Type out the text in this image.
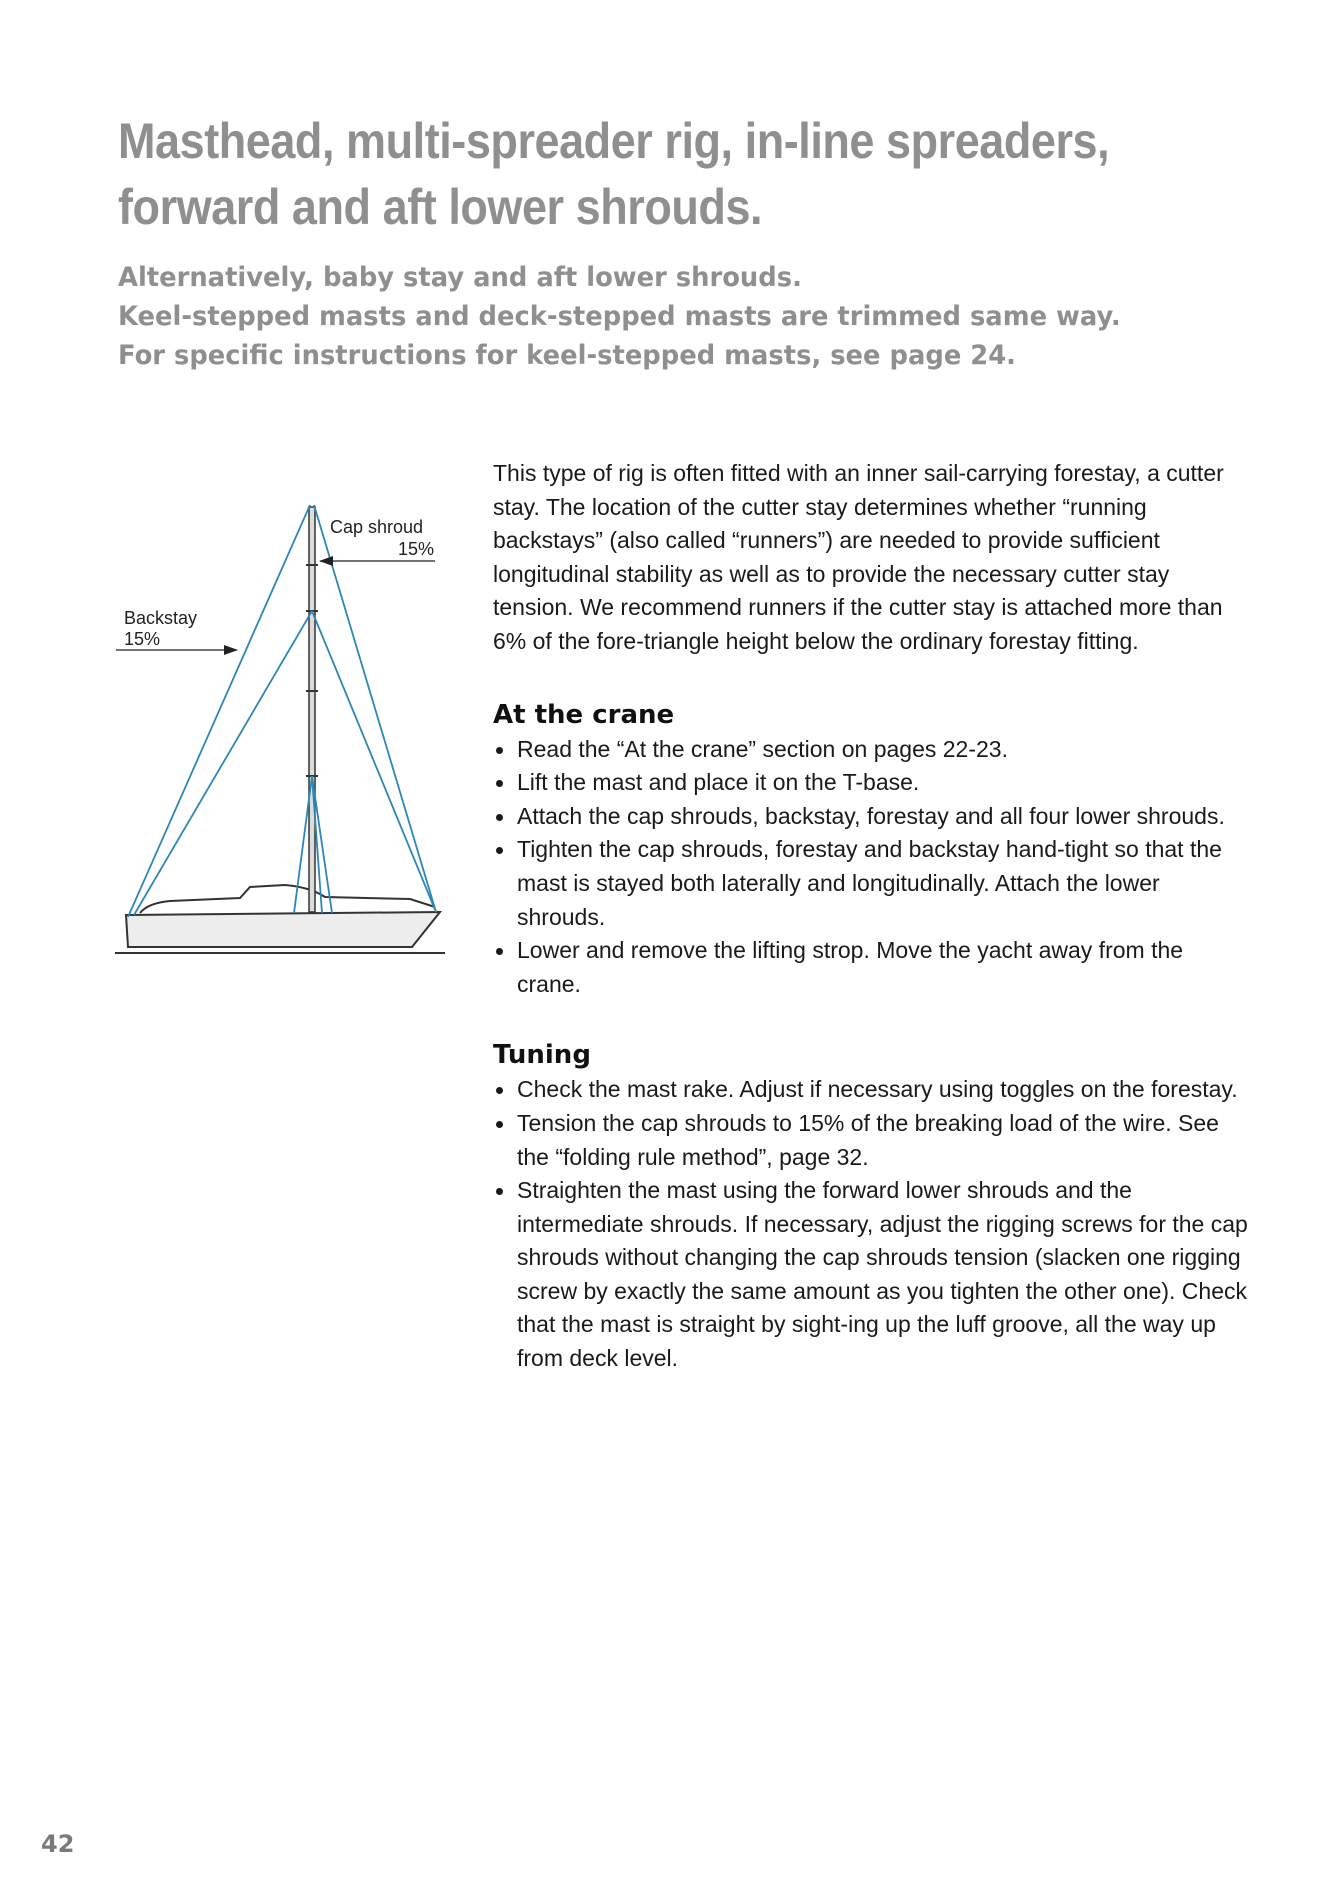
Masthead, multi-spreader rig, in-line spreaders, forward and aft lower shrouds.
Alternatively, baby stay and aft lower shrouds.
Keel-stepped masts and deck-stepped masts are trimmed same way.
For specific instructions for keel-stepped masts, see page 24.
Cap shroud
15%
Backstay
15%

This type of rig is often fitted with an inner sail-carrying forestay, a cutter stay. The location of the cutter stay determines whether “running backstays” (also called “runners”) are needed to provide sufficient longitudinal stability as well as to provide the necessary cutter stay tension. We recommend runners if the cutter stay is attached more than 6% of the fore-triangle height below the ordinary forestay fitting.

At the crane
Read the “At the crane” section on pages 22-23.
Lift the mast and place it on the T-base.
Attach the cap shrouds, backstay, forestay and all four lower shrouds.
Tighten the cap shrouds, forestay and backstay hand-tight so that the mast is stayed both laterally and longitudinally. Attach the lower shrouds.
Lower and remove the lifting strop. Move the yacht away from the crane.
Tuning
Check the mast rake. Adjust if necessary using toggles on the forestay.
Tension the cap shrouds to 15% of the breaking load of the wire. See the “folding rule method”, page 32.
Straighten the mast using the forward lower shrouds and the intermediate shrouds. If necessary, adjust the rigging screws for the cap shrouds without changing the cap shrouds tension (slacken one rigging screw by exactly the same amount as you tighten the other one). Check that the mast is straight by sight-ing up the luff groove, all the way up from deck level.
42
